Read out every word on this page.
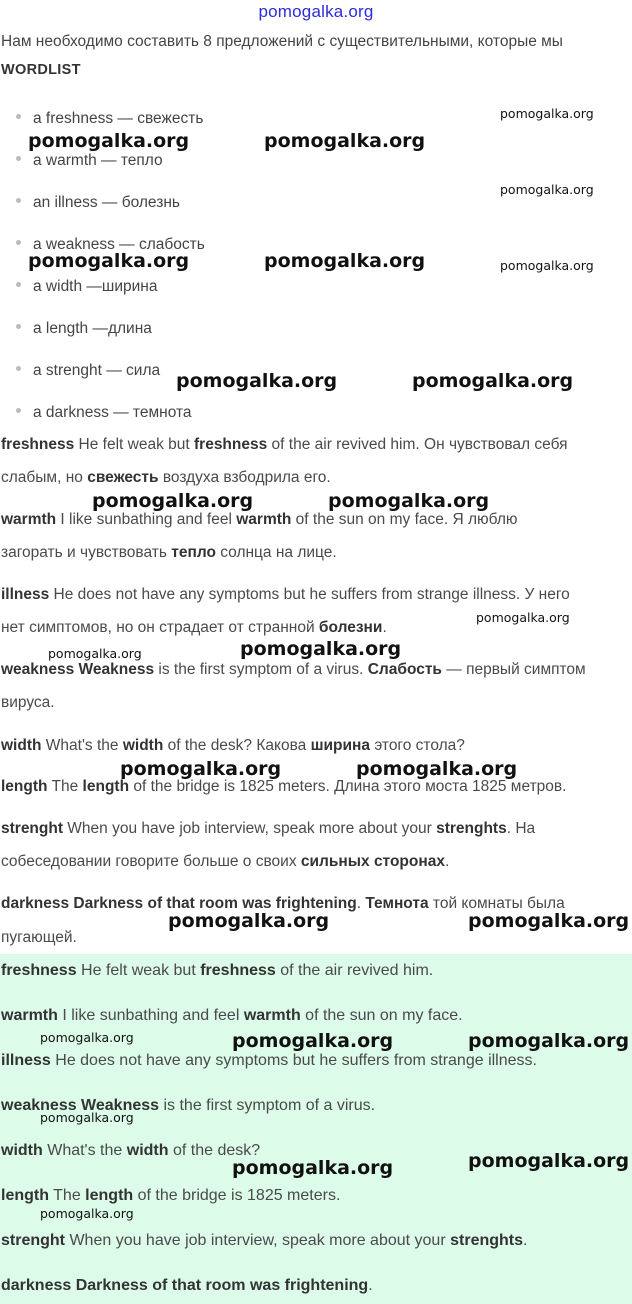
pomogalka.org
Нам необходимо составить 8 предложений с существительными, которые мы
WORDLIST
a freshness — свежесть
a warmth — тепло
an illness — болезнь
a weakness — слабость
a width —ширина
a length —длина
a strenght — сила
a darkness — темнота
freshness He felt weak but freshness of the air revived him. Он чувствовал себя
слабым, но свежесть воздуха взбодрила его.
warmth I like sunbathing and feel warmth of the sun on my face. Я люблю
загорать и чувствовать тепло солнца на лице.
illness He does not have any symptoms but he suffers from strange illness. У него
нет симптомов, но он страдает от странной болезни.
weakness Weakness is the first symptom of a virus. Слабость — первый симптом
вируса.
width What's the width of the desk? Какова ширина этого стола?
length The length of the bridge is 1825 meters. Длина этого моста 1825 метров.
strenght When you have job interview, speak more about your strenghts. На
собеседовании говорите больше о своих сильных сторонах.
darkness Darkness of that room was frightening. Темнота той комнаты была
пугающей.
freshness He felt weak but freshness of the air revived him.
warmth I like sunbathing and feel warmth of the sun on my face.
illness He does not have any symptoms but he suffers from strange illness.
weakness Weakness is the first symptom of a virus.
width What's the width of the desk?
length The length of the bridge is 1825 meters.
strenght When you have job interview, speak more about your strenghts.
darkness Darkness of that room was frightening.
pomogalka.org	pomogalka.org
pomogalka.org	pomogalka.org
pomogalka.org	pomogalka.org
pomogalka.org	pomogalka.org
pomogalka.org
pomogalka.org	pomogalka.org
pomogalka.org	pomogalka.org
pomogalka.org	pomogalka.org
pomogalka.org	pomogalka.org
pomogalka.org
pomogalka.org
pomogalka.org
pomogalka.org
pomogalka.org
pomogalka.org
pomogalka.org
pomogalka.org
